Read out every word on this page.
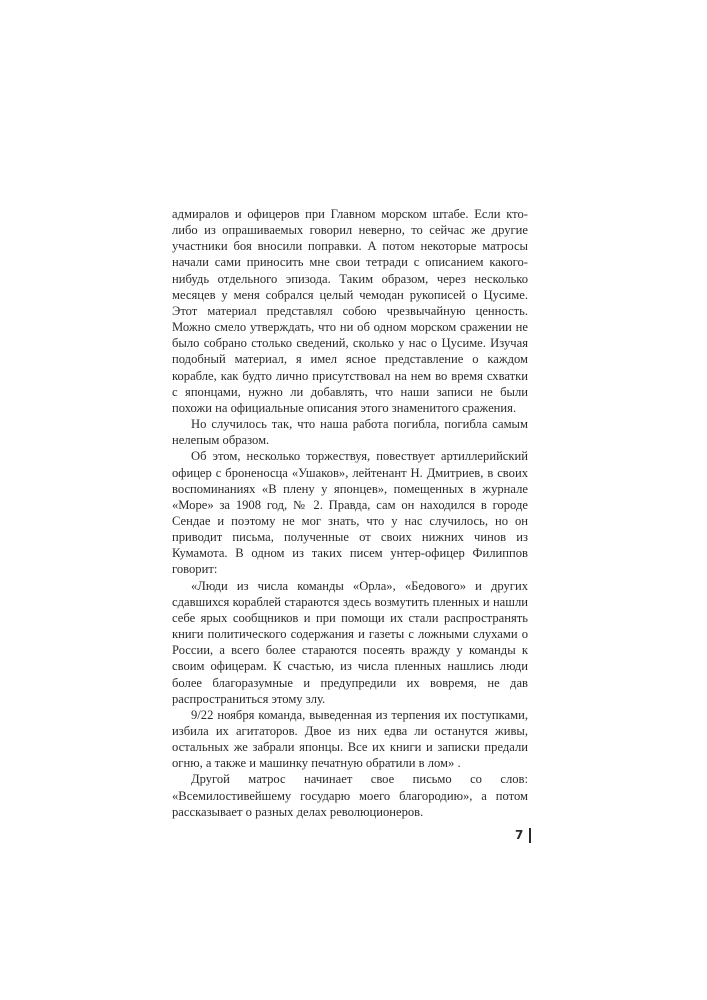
адмиралов и офицеров при Главном морском штабе. Если кто-либо из опрашиваемых говорил неверно, то сейчас же другие участники боя вносили поправки. А потом некоторые матросы начали сами приносить мне свои тетради с описанием какого-нибудь отдельного эпизода. Таким образом, через несколько месяцев у меня собрался целый чемодан рукописей о Цусиме. Этот материал представлял собою чрезвычайную ценность. Можно смело утверждать, что ни об одном морском сражении не было собрано столько сведений, сколько у нас о Цусиме. Изучая подобный материал, я имел ясное представление о каждом корабле, как будто лично присутствовал на нем во время схватки с японцами, нужно ли добавлять, что наши записи не были похожи на официальные описания этого знаменитого сражения.

Но случилось так, что наша работа погибла, погибла самым нелепым образом.

Об этом, несколько торжествуя, повествует артиллерийский офицер с броненосца «Ушаков», лейтенант Н. Дмитриев, в своих воспоминаниях «В плену у японцев», помещенных в журнале «Море» за 1908 год, № 2. Правда, сам он находился в городе Сендае и поэтому не мог знать, что у нас случилось, но он приводит письма, полученные от своих нижних чинов из Кумамота. В одном из таких писем унтер-офицер Филиппов говорит:

«Люди из числа команды «Орла», «Бедового» и других сдавшихся кораблей стараются здесь возмутить пленных и нашли себе ярых сообщников и при помощи их стали распространять книги политического содержания и газеты с ложными слухами о России, а всего более стараются посеять вражду у команды к своим офицерам. К счастью, из числа пленных нашлись люди более благоразумные и предупредили их вовремя, не дав распространиться этому злу.

9/22 ноября команда, выведенная из терпения их поступками, избила их агитаторов. Двое из них едва ли останутся живы, остальных же забрали японцы. Все их книги и записки предали огню, а также и машинку печатную обратили в лом» .

Другой матрос начинает свое письмо со слов: «Всемилостивейшему государю моего благородию», а потом рассказывает о разных делах революционеров.

7
